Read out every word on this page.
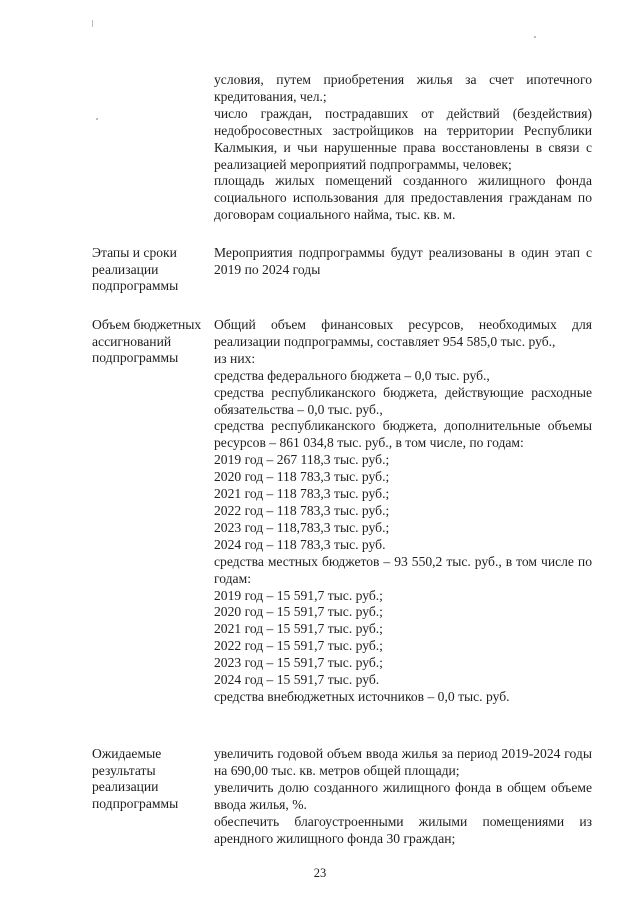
условия, путем приобретения жилья за счет ипотечного кредитования, чел.;

число граждан, пострадавших от действий (бездействия) недобросовестных застройщиков на территории Республики Калмыкия, и чьи нарушенные права восстановлены в связи с реализацией мероприятий подпрограммы, человек;

площадь жилых помещений созданного жилищного фонда социального использования для предоставления гражданам по договорам социального найма, тыс. кв. м.

Этапы и сроки реализации подпрограммы

Мероприятия подпрограммы будут реализованы в один этап с 2019 по 2024 годы

Объем бюджетных ассигнований подпрограммы

Общий объем финансовых ресурсов, необходимых для реализации подпрограммы, составляет 954 585,0 тыс. руб.,

из них:

средства федерального бюджета – 0,0 тыс. руб.,

средства республиканского бюджета, действующие расходные обязательства – 0,0 тыс. руб.,

средства республиканского бюджета, дополнительные объемы ресурсов – 861 034,8 тыс. руб., в том числе, по годам:

2019 год – 267 118,3 тыс. руб.;

2020 год – 118 783,3 тыс. руб.;

2021 год – 118 783,3 тыс. руб.;

2022 год – 118 783,3 тыс. руб.;

2023 год – 118,783,3 тыс. руб.;

2024 год – 118 783,3 тыс. руб.

средства местных бюджетов – 93 550,2 тыс. руб., в том числе по годам:

2019 год – 15 591,7 тыс. руб.;

2020 год – 15 591,7 тыс. руб.;

2021 год – 15 591,7 тыс. руб.;

2022 год – 15 591,7 тыс. руб.;

2023 год – 15 591,7 тыс. руб.;

2024 год – 15 591,7 тыс. руб.

средства внебюджетных источников – 0,0 тыс. руб.

Ожидаемые результаты реализации подпрограммы

увеличить годовой объем ввода жилья за период 2019-2024 годы на 690,00 тыс. кв. метров общей площади;

увеличить долю созданного жилищного фонда в общем объеме ввода жилья, %.

обеспечить благоустроенными жилыми помещениями из арендного жилищного фонда 30 граждан;

23
